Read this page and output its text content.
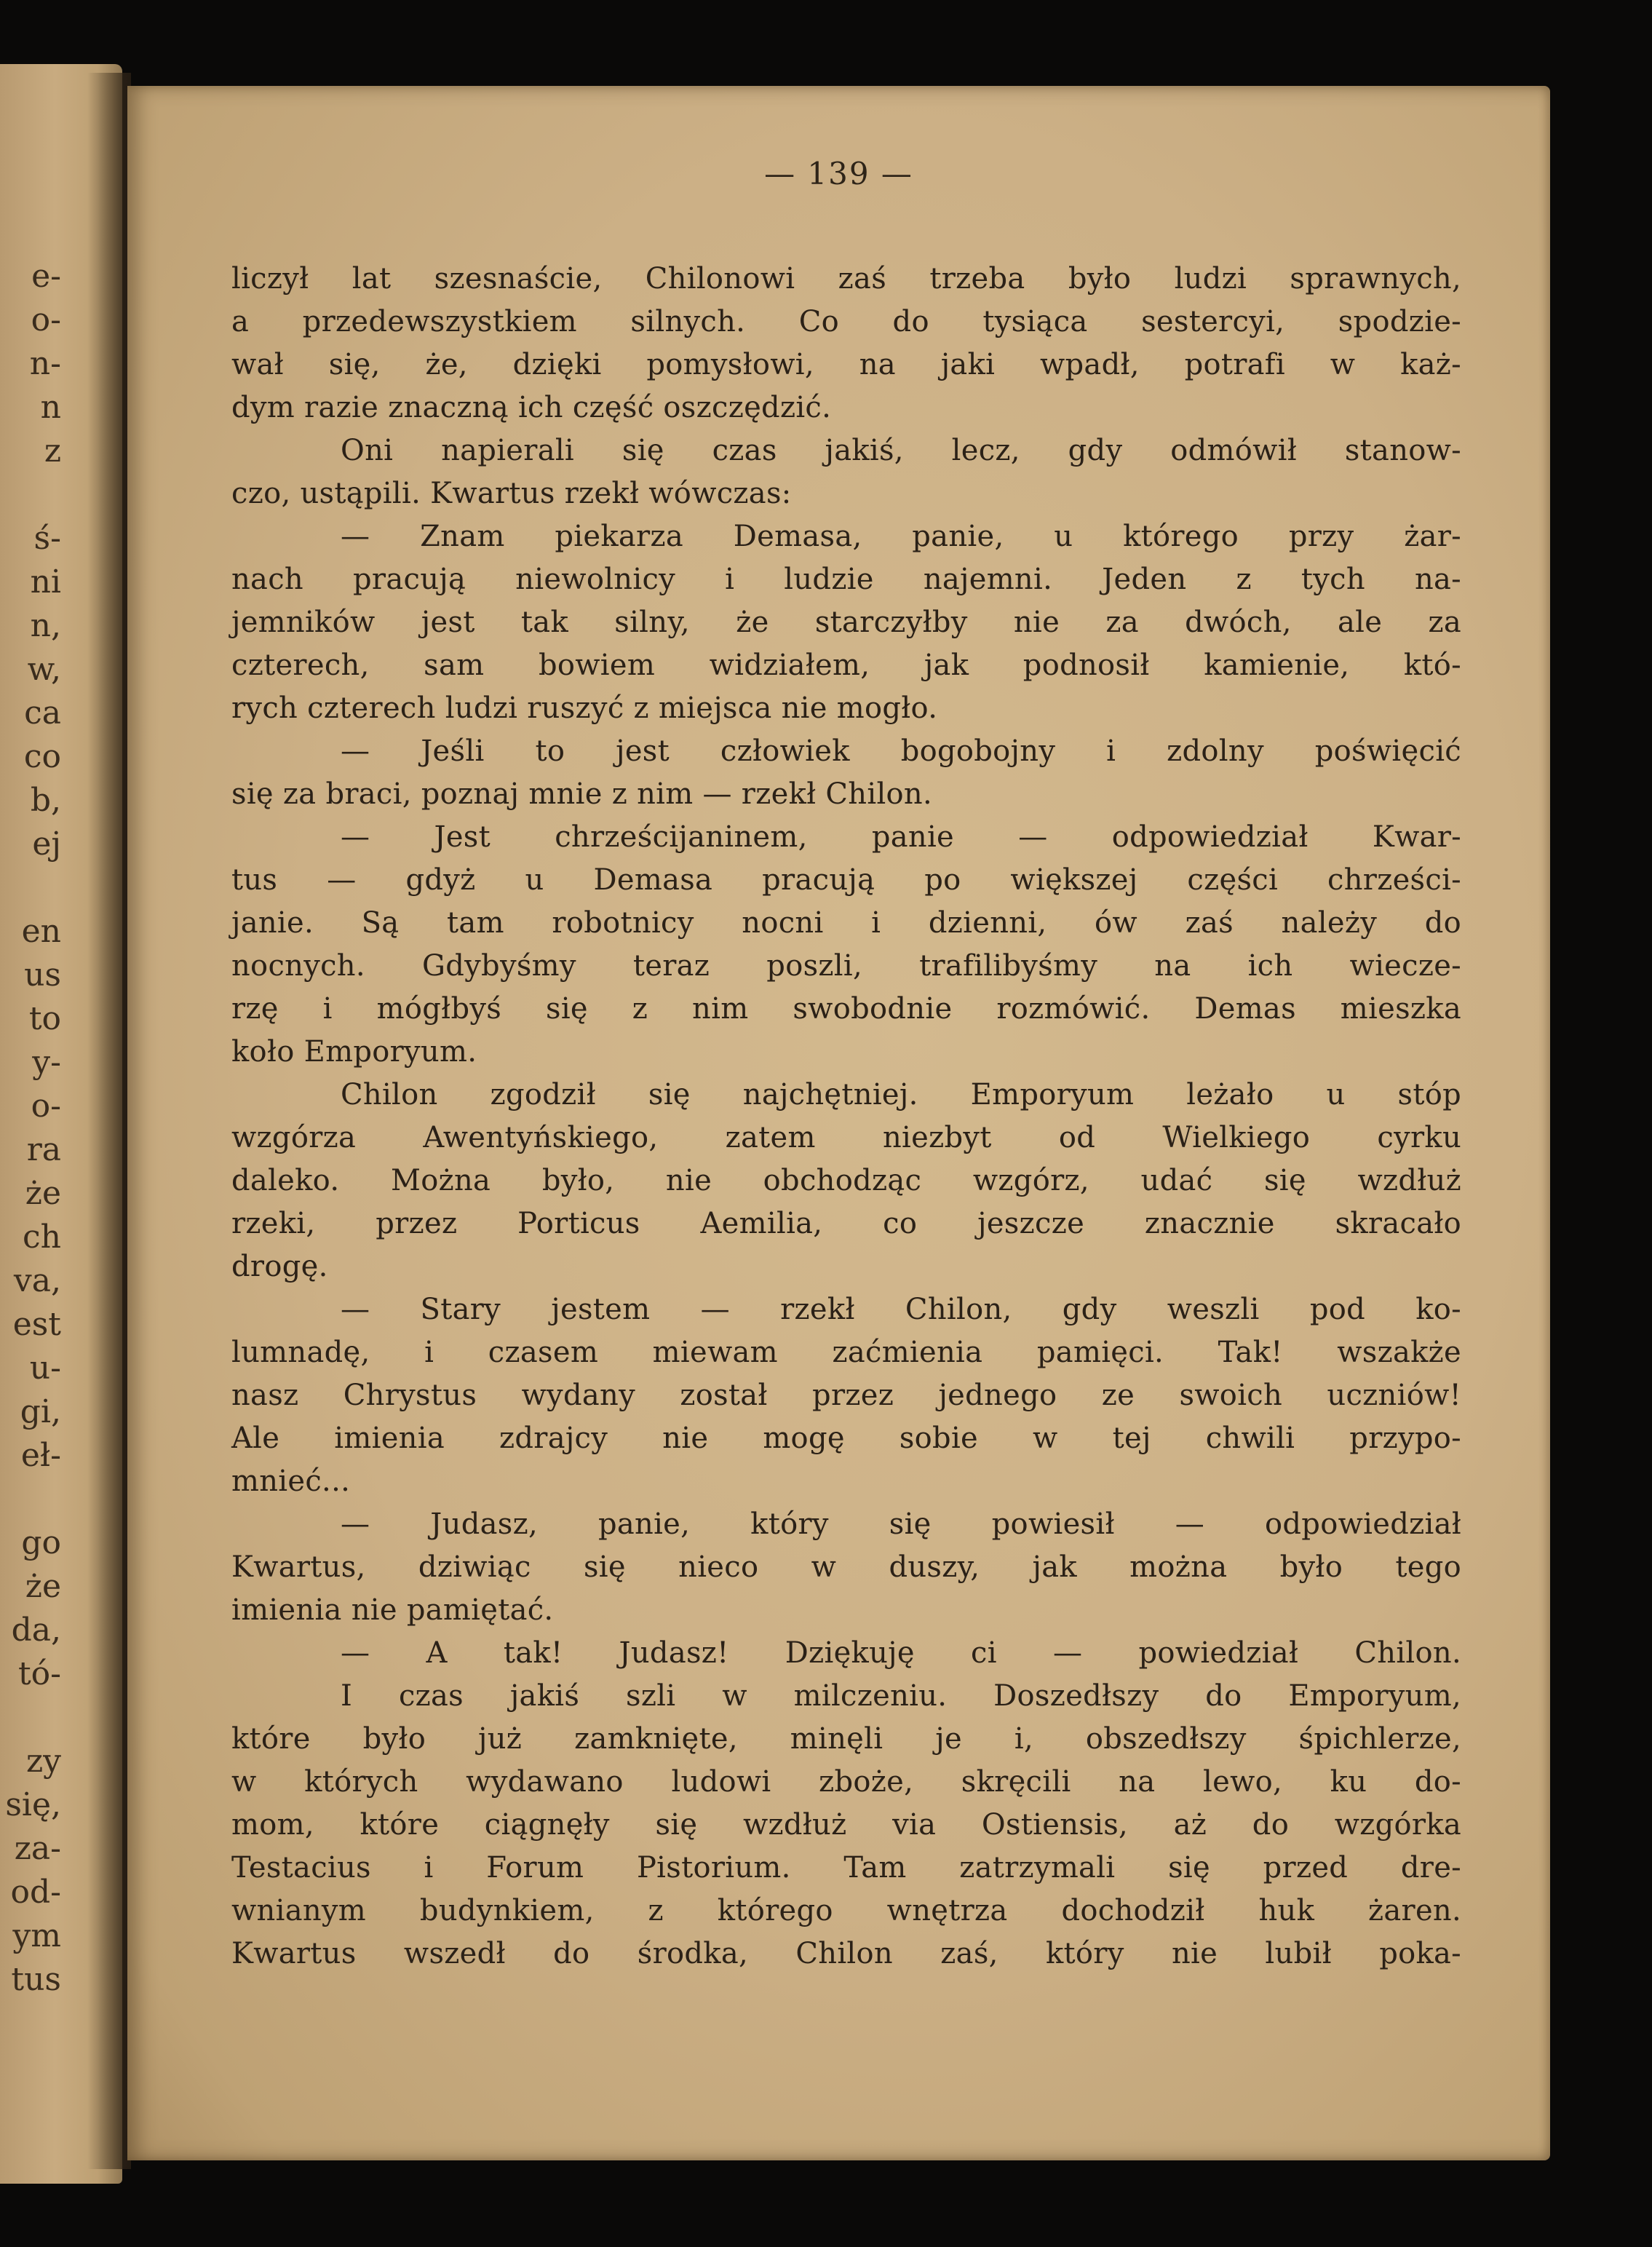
e-

o-

n-

n

z

ś-

ni

n,

w,

ca

co

b,

ej

en

us

to

y-

o-

ra

że

ch

va,

est

u-

gi,

eł-

go

że

da,

tó-

zy

się,

za-

od-

ym

tus

— 139 —

liczył lat szesnaście, Chilonowi zaś trzeba było ludzi sprawnych,

a przedewszystkiem silnych. Co do tysiąca sestercyi, spodzie-

wał się, że, dzięki pomysłowi, na jaki wpadł, potrafi w każ-

dym razie znaczną ich część oszczędzić.

Oni napierali się czas jakiś, lecz, gdy odmówił stanow-

czo, ustąpili. Kwartus rzekł wówczas:

— Znam piekarza Demasa, panie, u którego przy żar-

nach pracują niewolnicy i ludzie najemni. Jeden z tych na-

jemników jest tak silny, że starczyłby nie za dwóch, ale za

czterech, sam bowiem widziałem, jak podnosił kamienie, któ-

rych czterech ludzi ruszyć z miejsca nie mogło.

— Jeśli to jest człowiek bogobojny i zdolny poświęcić

się za braci, poznaj mnie z nim — rzekł Chilon.

— Jest chrześcijaninem, panie — odpowiedział Kwar-

tus — gdyż u Demasa pracują po większej części chrześci-

janie. Są tam robotnicy nocni i dzienni, ów zaś należy do

nocnych. Gdybyśmy teraz poszli, trafilibyśmy na ich wiecze-

rzę i mógłbyś się z nim swobodnie rozmówić. Demas mieszka

koło Emporyum.

Chilon zgodził się najchętniej. Emporyum leżało u stóp

wzgórza Awentyńskiego, zatem niezbyt od Wielkiego cyrku

daleko. Można było, nie obchodząc wzgórz, udać się wzdłuż

rzeki, przez Porticus Aemilia, co jeszcze znacznie skracało

drogę.

— Stary jestem — rzekł Chilon, gdy weszli pod ko-

lumnadę, i czasem miewam zaćmienia pamięci. Tak! wszakże

nasz Chrystus wydany został przez jednego ze swoich uczniów!

Ale imienia zdrajcy nie mogę sobie w tej chwili przypo-

mnieć...

— Judasz, panie, który się powiesił — odpowiedział

Kwartus, dziwiąc się nieco w duszy, jak można było tego

imienia nie pamiętać.

— A tak! Judasz! Dziękuję ci — powiedział Chilon.

I czas jakiś szli w milczeniu. Doszedłszy do Emporyum,

które było już zamknięte, minęli je i, obszedłszy śpichlerze,

w których wydawano ludowi zboże, skręcili na lewo, ku do-

mom, które ciągnęły się wzdłuż via Ostiensis, aż do wzgórka

Testacius i Forum Pistorium. Tam zatrzymali się przed dre-

wnianym budynkiem, z którego wnętrza dochodził huk żaren.

Kwartus wszedł do środka, Chilon zaś, który nie lubił poka-
